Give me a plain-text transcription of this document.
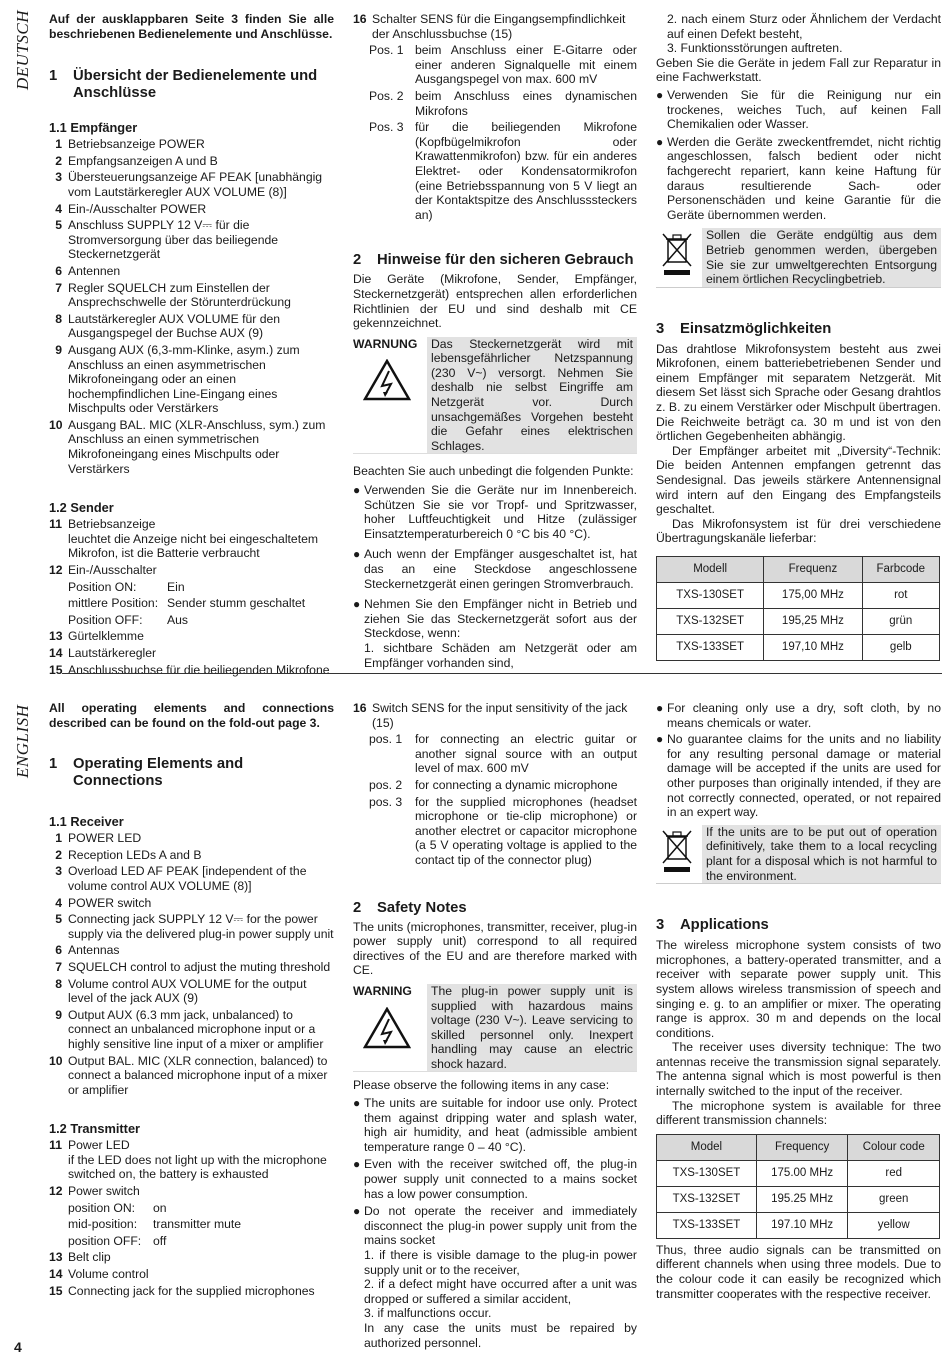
DEUTSCH Auf der ausklappbaren Seite 3 finden Sie alle beschriebenen Bedienelemente und Anschlüsse.

1	Übersicht der Bedienelemente und Anschlüsse
1.1 Empfänger
1 Betriebsanzeige POWER
2 Empfangsanzeigen A und B
3 Übersteuerungsanzeige AF PEAK [unabhängig vom Lautstärkeregler AUX VOLUME (8)]
4 Ein-/Ausschalter POWER
5 Anschluss SUPPLY 12 V⎓ für die Stromversorgung über das beiliegende Steckernetzgerät
6 Antennen
7 Regler SQUELCH zum Einstellen der Ansprechschwelle der Störunterdrückung
8 Lautstärkeregler AUX VOLUME für den Ausgangspegel der Buchse AUX (9)
9 Ausgang AUX (6,3-mm-Klinke, asym.) zum Anschluss an einen asymmetrischen Mikrofoneingang oder an einen hochempfindlichen Line-Eingang eines Mischpults oder Verstärkers
10 Ausgang BAL. MIC (XLR-Anschluss, sym.) zum Anschluss an einen symmetrischen Mikrofoneingang eines Mischpults oder Verstärkers
1.2 Sender
11 Betriebsanzeige
leuchtet die Anzeige nicht bei eingeschaltetem Mikrofon, ist die Batterie verbraucht
12 Ein-/Ausschalter
Position ON:	Ein
mittlere Position: Sender stumm geschaltet
Position OFF:	Aus
13 Gürtelklemme
14 Lautstärkeregler
15 Anschlussbuchse für die beiliegenden Mikrofone
16 Schalter SENS für die Eingangsempfindlichkeit der Anschlussbuchse (15)
Pos. 1 beim Anschluss einer E-Gitarre oder einer anderen Signalquelle mit einem Ausgangspegel von max. 600 mV
Pos. 2 beim Anschluss eines dynamischen Mikrofons
Pos. 3 für die beiliegenden Mikrofone (Kopfbügelmikrofon oder Krawattenmikrofon) bzw. für ein anderes Elektret- oder Kondensatormikrofon (eine Betriebsspannung von 5 V liegt an der Kontaktspitze des Anschlusssteckers an)
2	Hinweise für den sicheren Gebrauch

Die Geräte (Mikrofone, Sender, Empfänger, Steckernetzgerät) entsprechen allen erforderlichen Richtlinien der EU und sind deshalb mit CE gekennzeichnet.

WARNUNG	Das Steckernetzgerät wird mit lebensgefährlicher Netzspannung (230 V~) versorgt. Nehmen Sie deshalb nie selbst Eingriffe am Netzgerät vor. Durch unsachgemäßes Vorgehen besteht die Gefahr eines elektrischen Schlages.

Beachten Sie auch unbedingt die folgenden Punkte:

● Verwenden Sie die Geräte nur im Innenbereich. Schützen Sie sie vor Tropf- und Spritzwasser, hoher Luftfeuchtigkeit und Hitze (zulässiger Einsatztemperaturbereich 0 °C bis 40 °C).
● Auch wenn der Empfänger ausgeschaltet ist, hat das an eine Steckdose angeschlossene Steckernetzgerät einen geringen Stromverbrauch.
● Nehmen Sie den Empfänger nicht in Betrieb und ziehen Sie das Steckernetzgerät sofort aus der Steckdose, wenn:
1. sichtbare Schäden am Netzgerät oder am Empfänger vorhanden sind,
2. nach einem Sturz oder Ähnlichem der Verdacht auf einen Defekt besteht,
3. Funktionsstörungen auftreten.

Geben Sie die Geräte in jedem Fall zur Reparatur in eine Fachwerkstatt.

● Verwenden Sie für die Reinigung nur ein trockenes, weiches Tuch, auf keinen Fall Chemikalien oder Wasser.
● Werden die Geräte zweckentfremdet, nicht richtig angeschlossen, falsch bedient oder nicht fachgerecht repariert, kann keine Haftung für daraus resultierende Sach- oder Personenschäden und keine Garantie für die Geräte übernommen werden.
Sollen die Geräte endgültig aus dem Betrieb genommen werden, übergeben Sie sie zur umweltgerechten Entsorgung einem örtlichen Recyclingbetrieb.
3	Einsatzmöglichkeiten

Das drahtlose Mikrofonsystem besteht aus zwei Mikrofonen, einem batteriebetriebenen Sender und einem Empfänger mit separatem Netzgerät. Mit diesem Set lässt sich Sprache oder Gesang drahtlos z. B. zu einem Verstärker oder Mischpult übertragen. Die Reichweite beträgt ca. 30 m und ist von den örtlichen Gegebenheiten abhängig.

Der Empfänger arbeitet mit „Diversity“-Technik: Die beiden Antennen empfangen getrennt das Sendesignal. Das jeweils stärkere Antennensignal wird intern auf den Eingang des Empfangsteils geschaltet.

Das Mikrofonsystem ist für drei verschiedene Übertragungskanäle lieferbar:

Modell	Frequenz	Farbcode
TXS-130SET	175,00 MHz	rot
TXS-132SET	195,25 MHz	grün
TXS-133SET	197,10 MHz	gelb
ENGLISH All operating elements and connections described can be found on the fold-out page 3.

1	Operating Elements and Connections
1.1 Receiver
1 POWER LED
2 Reception LEDs A and B
3 Overload LED AF PEAK [independent of the volume control AUX VOLUME (8)]
4 POWER switch
5 Connecting jack SUPPLY 12 V⎓ for the power supply via the delivered plug-in power supply unit
6 Antennas
7 SQUELCH control to adjust the muting threshold
8 Volume control AUX VOLUME for the output level of the jack AUX (9)
9 Output AUX (6.3 mm jack, unbalanced) to connect an unbalanced microphone input or a highly sensitive line input of a mixer or amplifier
10 Output BAL. MIC (XLR connection, balanced) to connect a balanced microphone input of a mixer or amplifier
1.2 Transmitter
11 Power LED
if the LED does not light up with the microphone switched on, the battery is exhausted
12 Power switch
position ON:	on
mid-position:	transmitter mute
position OFF: off
13 Belt clip
14 Volume control
15 Connecting jack for the supplied microphones
16 Switch SENS for the input sensitivity of the jack (15)
pos. 1	for connecting an electric guitar or another signal source with an output level of max. 600 mV
pos. 2	for connecting a dynamic microphone
pos. 3	for the supplied microphones (headset microphone or tie-clip microphone) or another electret or capacitor microphone (a 5 V operating voltage is applied to the contact tip of the connector plug)
2	Safety Notes

The units (microphones, transmitter, receiver, plug-in power supply unit) correspond to all required directives of the EU and are therefore marked with CE.

WARNING	The plug-in power supply unit is supplied with hazardous mains voltage (230 V~). Leave servicing to skilled personnel only. Inexpert handling may cause an electric shock hazard.

Please observe the following items in any case:

● The units are suitable for indoor use only. Protect them against dripping water and splash water, high air humidity, and heat (admissible ambient temperature range 0 – 40 °C).
● Even with the receiver switched off, the plug-in power supply unit connected to a mains socket has a low power consumption.
● Do not operate the receiver and immediately disconnect the plug-in power supply unit from the mains socket
1. if there is visible damage to the plug-in power supply unit or to the receiver,
2. if a defect might have occurred after a unit was dropped or suffered a similar accident,
3. if malfunctions occur.
In any case the units must be repaired by authorized personnel.
● For cleaning only use a dry, soft cloth, by no means chemicals or water.
● No guarantee claims for the units and no liability for any resulting personal damage or material damage will be accepted if the units are used for other purposes than originally intended, if they are not correctly connected, operated, or not repaired in an expert way.
If the units are to be put out of operation definitively, take them to a local recycling plant for a disposal which is not harmful to the environment.
3	Applications

The wireless microphone system consists of two microphones, a battery-operated transmitter, and a receiver with separate power supply unit. This system allows wireless transmission of speech and singing e. g. to an amplifier or mixer. The operating range is approx. 30 m and depends on the local conditions.

The receiver uses diversity technique: The two antennas receive the transmission signal separately. The antenna signal which is most powerful is then internally switched to the input of the receiver.

The microphone system is available for three different transmission channels:

Model	Frequency	Colour code
TXS-130SET	175.00 MHz	red
TXS-132SET	195.25 MHz	green
TXS-133SET	197.10 MHz	yellow

Thus, three audio signals can be transmitted on different channels when using three models. Due to the colour code it can easily be recognized which transmitter cooperates with the respective receiver.

4
